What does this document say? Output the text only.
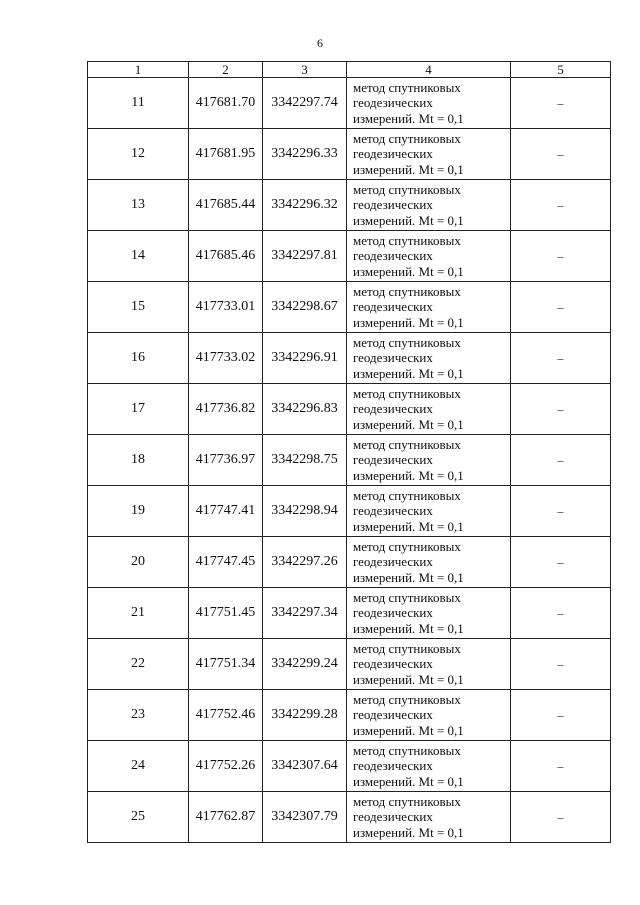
6
1	2	3	4	5
11	417681.70	3342297.74	метод спутниковых
геодезических
измерений. Mt = 0,1	–
12	417681.95	3342296.33	метод спутниковых
геодезических
измерений. Mt = 0,1	–
13	417685.44	3342296.32	метод спутниковых
геодезических
измерений. Mt = 0,1	–
14	417685.46	3342297.81	метод спутниковых
геодезических
измерений. Mt = 0,1	–
15	417733.01	3342298.67	метод спутниковых
геодезических
измерений. Mt = 0,1	–
16	417733.02	3342296.91	метод спутниковых
геодезических
измерений. Mt = 0,1	–
17	417736.82	3342296.83	метод спутниковых
геодезических
измерений. Mt = 0,1	–
18	417736.97	3342298.75	метод спутниковых
геодезических
измерений. Mt = 0,1	–
19	417747.41	3342298.94	метод спутниковых
геодезических
измерений. Mt = 0,1	–
20	417747.45	3342297.26	метод спутниковых
геодезических
измерений. Mt = 0,1	–
21	417751.45	3342297.34	метод спутниковых
геодезических
измерений. Mt = 0,1	–
22	417751.34	3342299.24	метод спутниковых
геодезических
измерений. Mt = 0,1	–
23	417752.46	3342299.28	метод спутниковых
геодезических
измерений. Mt = 0,1	–
24	417752.26	3342307.64	метод спутниковых
геодезических
измерений. Mt = 0,1	–
25	417762.87	3342307.79	метод спутниковых
геодезических
измерений. Mt = 0,1	–
